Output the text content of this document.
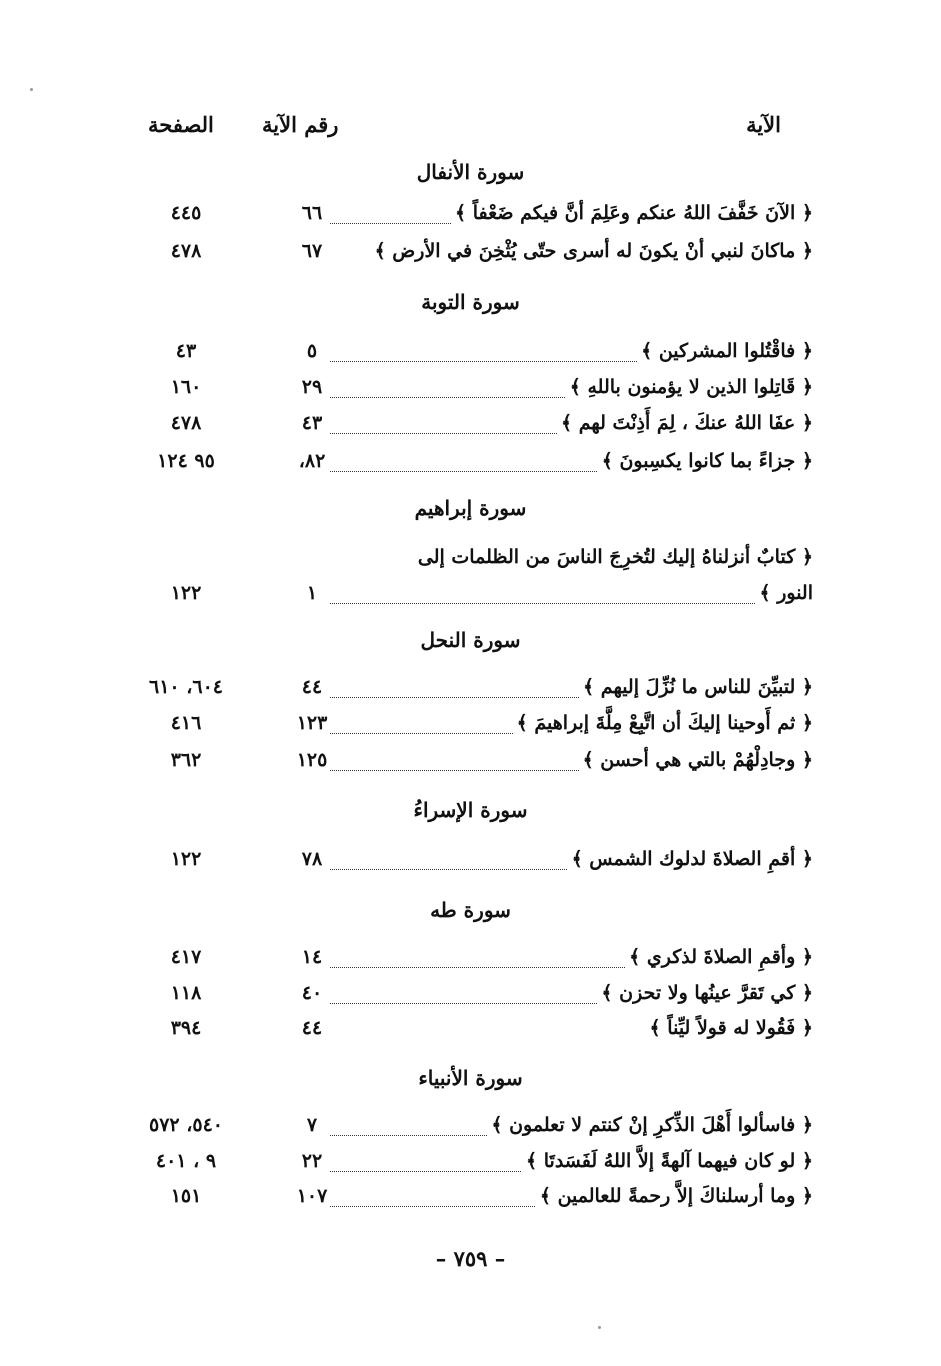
الآية
رقم الآية
الصفحة
سورة الأنفال
﴿ الآنَ خَفَّفَ اللهُ عنكم وعَلِمَ أنَّ فيكم ضَعْفاً ﴾
٦٦
٤٤٥
﴿ ماكانَ لنبي أنْ يكونَ له أسرى حتّى يُثْخِنَ في الأرض ﴾
٦٧
٤٧٨
سورة التوبة
﴿ فاقْتُلوا المشركين ﴾
٥
٤٣
﴿ قَاتِلوا الذين لا يؤمنون باللهِ ﴾
٢٩
١٦٠
﴿ عفَا اللهُ عنكَ ، لِمَ أَذِنْتَ لهم ﴾
٤٣
٤٧٨
﴿ جزاءً بما كانوا يكسِبونَ ﴾
٨٢،
٩٥ ١٢٤
سورة إبراهيم
﴿ كتابٌ أنزلناهُ إليك لتُخرِجَ الناسَ من الظلمات إلى
النور ﴾
١
١٢٢
سورة النحل
﴿ لتبيِّنَ للناس ما نُزِّلَ إليهم ﴾
٤٤
٦٠٤، ٦١٠
﴿ ثم أَوحينا إليكَ أن اتَّبِعْ مِلَّةَ إبراهيمَ ﴾
١٢٣
٤١٦
﴿ وجادِلْهُمْ بالتي هي أحسن ﴾
١٢٥
٣٦٢
سورة الإسراءُ
﴿ أقمِ الصلاةَ لدلوك الشمس ﴾
٧٨
١٢٢
سورة طه
﴿ وأقمِ الصلاةَ لذكري ﴾
١٤
٤١٧
﴿ كي تَقرَّ عينُها ولا تحزن ﴾
٤٠
١١٨
﴿ فَقُولا له قولاً ليِّناً ﴾
٤٤
٣٩٤
سورة الأنبياء
﴿ فاسألوا أَهْلَ الذِّكرِ إنْ كنتم لا تعلمون ﴾
٧
٥٤٠، ٥٧٢
﴿ لو كان فيهما آلهةً إلاَّ اللهُ لَفَسَدتَا ﴾
٢٢
٩ ، ٤٠١
﴿ وما أرسلناكَ إلاَّ رحمةً للعالمين ﴾
١٠٧
١٥١
– ٧٥٩ –
